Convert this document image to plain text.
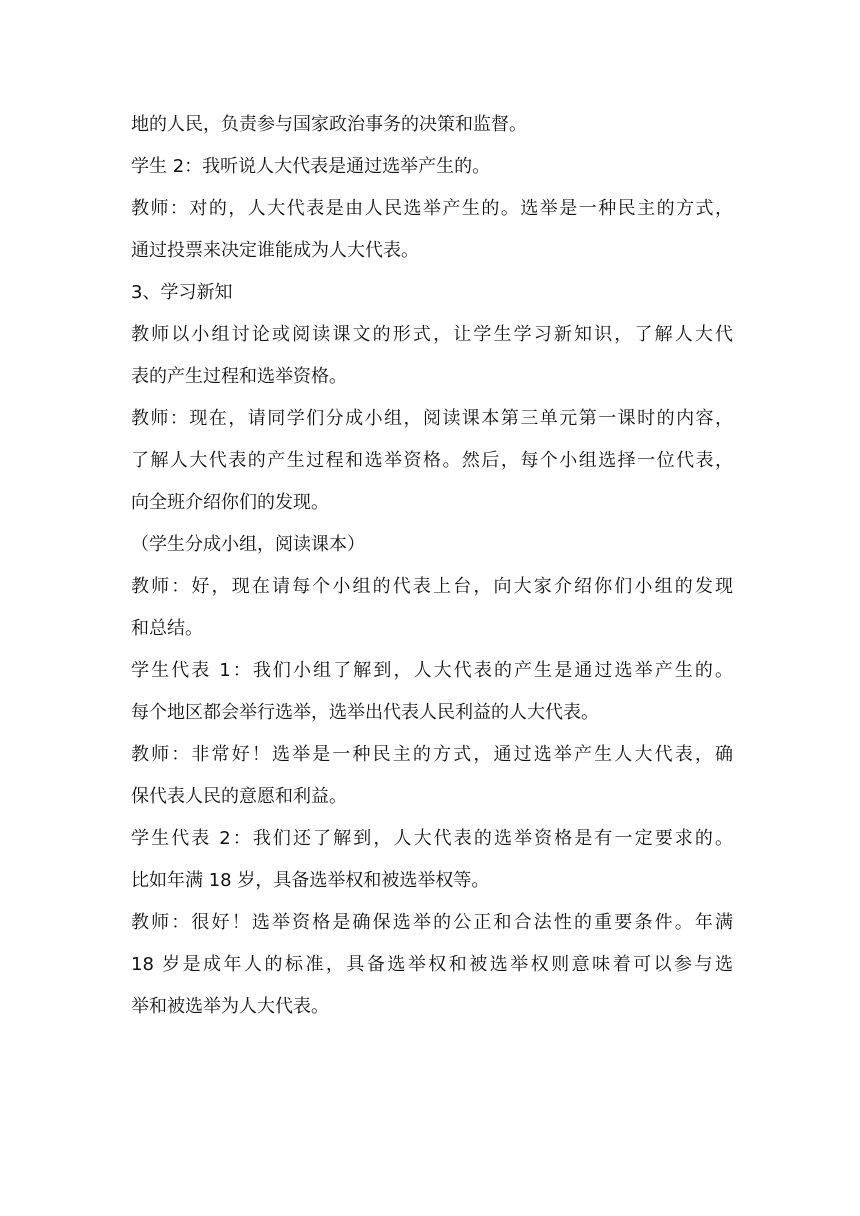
地的人民，负责参与国家政治事务的决策和监督。

学生 2：我听说人大代表是通过选举产生的。

教师：对的，人大代表是由人民选举产生的。选举是一种民主的方式，

通过投票来决定谁能成为人大代表。

3、学习新知

教师以小组讨论或阅读课文的形式，让学生学习新知识，了解人大代

表的产生过程和选举资格。

教师：现在，请同学们分成小组，阅读课本第三单元第一课时的内容，

了解人大代表的产生过程和选举资格。然后，每个小组选择一位代表，

向全班介绍你们的发现。

（学生分成小组，阅读课本）

教师：好，现在请每个小组的代表上台，向大家介绍你们小组的发现

和总结。

学生代表 1：我们小组了解到，人大代表的产生是通过选举产生的。

每个地区都会举行选举，选举出代表人民利益的人大代表。

教师：非常好！选举是一种民主的方式，通过选举产生人大代表，确

保代表人民的意愿和利益。

学生代表 2：我们还了解到，人大代表的选举资格是有一定要求的。

比如年满 18 岁，具备选举权和被选举权等。

教师：很好！选举资格是确保选举的公正和合法性的重要条件。年满

18 岁是成年人的标准，具备选举权和被选举权则意味着可以参与选

举和被选举为人大代表。
